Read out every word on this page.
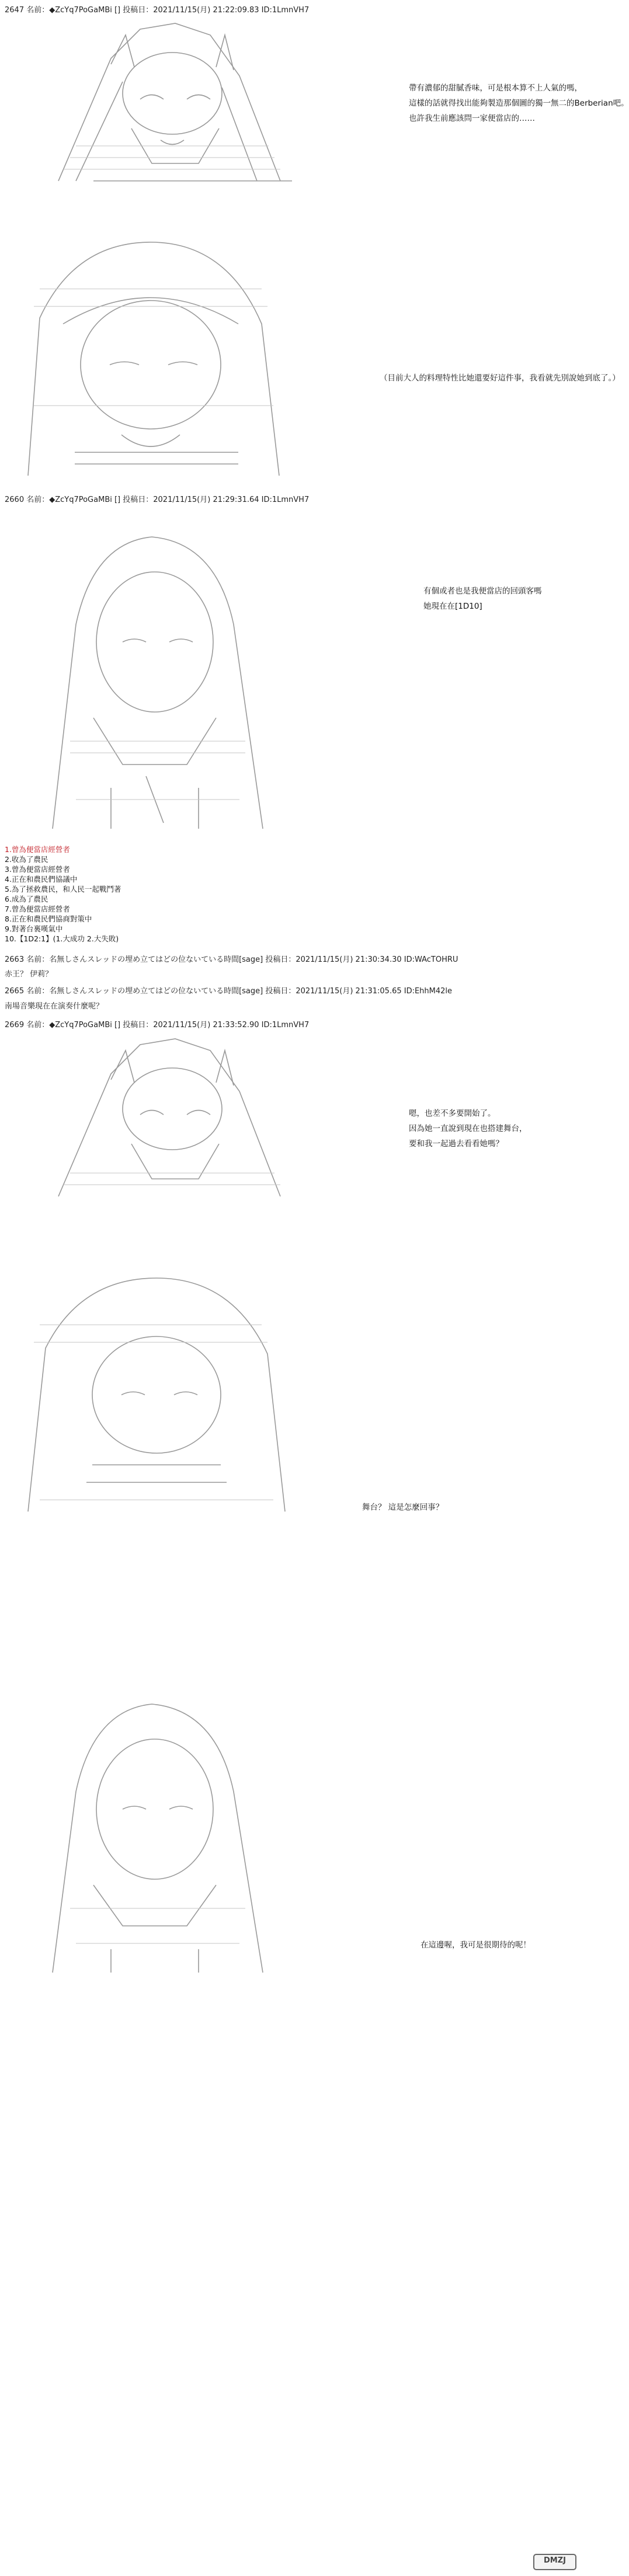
2647 名前：◆ZcYq7PoGaMBi [] 投稿日：2021/11/15(月) 21:22:09.83 ID:1LmnVH7
帶有濃郁的甜膩香味，可是根本算不上人氣的嗎，
這樣的話就得找出能夠製造那個圖的獨一無二的Berberian吧。
也許我生前應該問一家便當店的……
（目前大人的料理特性比她還要好這件事，我看就先別說她到底了。）
2660 名前：◆ZcYq7PoGaMBi [] 投稿日：2021/11/15(月) 21:29:31.64 ID:1LmnVH7
有個或者也是我便當店的回頭客嗎
她現在在[1D10]
1.曾為便當店經營者
2.收為了農民
3.曾為便當店經營者
4.正在和農民們協議中
5.為了拯救農民，和人民一起戰鬥著
6.成為了農民
7.曾為便當店經營者
8.正在和農民們協商對策中
9.對著台裏嘆氣中
10.【1D2:1】(1.大成功 2.大失敗)
2663 名前：名無しさんスレッドの埋め立てはどの位ないている時間[sage] 投稿日：2021/11/15(月) 21:30:34.30 ID:WAcTOHRU
赤王？ 伊莉？
2665 名前：名無しさんスレッドの埋め立てはどの位ないている時間[sage] 投稿日：2021/11/15(月) 21:31:05.65 ID:EhhM42le
南場音樂現在在演奏什麼呢？
2669 名前：◆ZcYq7PoGaMBi [] 投稿日：2021/11/15(月) 21:33:52.90 ID:1LmnVH7
嗯，也差不多要開始了。
因為她一直說到現在也搭建舞台，
要和我一起過去看看她嗎？
舞台？ 這是怎麼回事？
在這邊喔，我可是很期待的呢！
DMZJ
